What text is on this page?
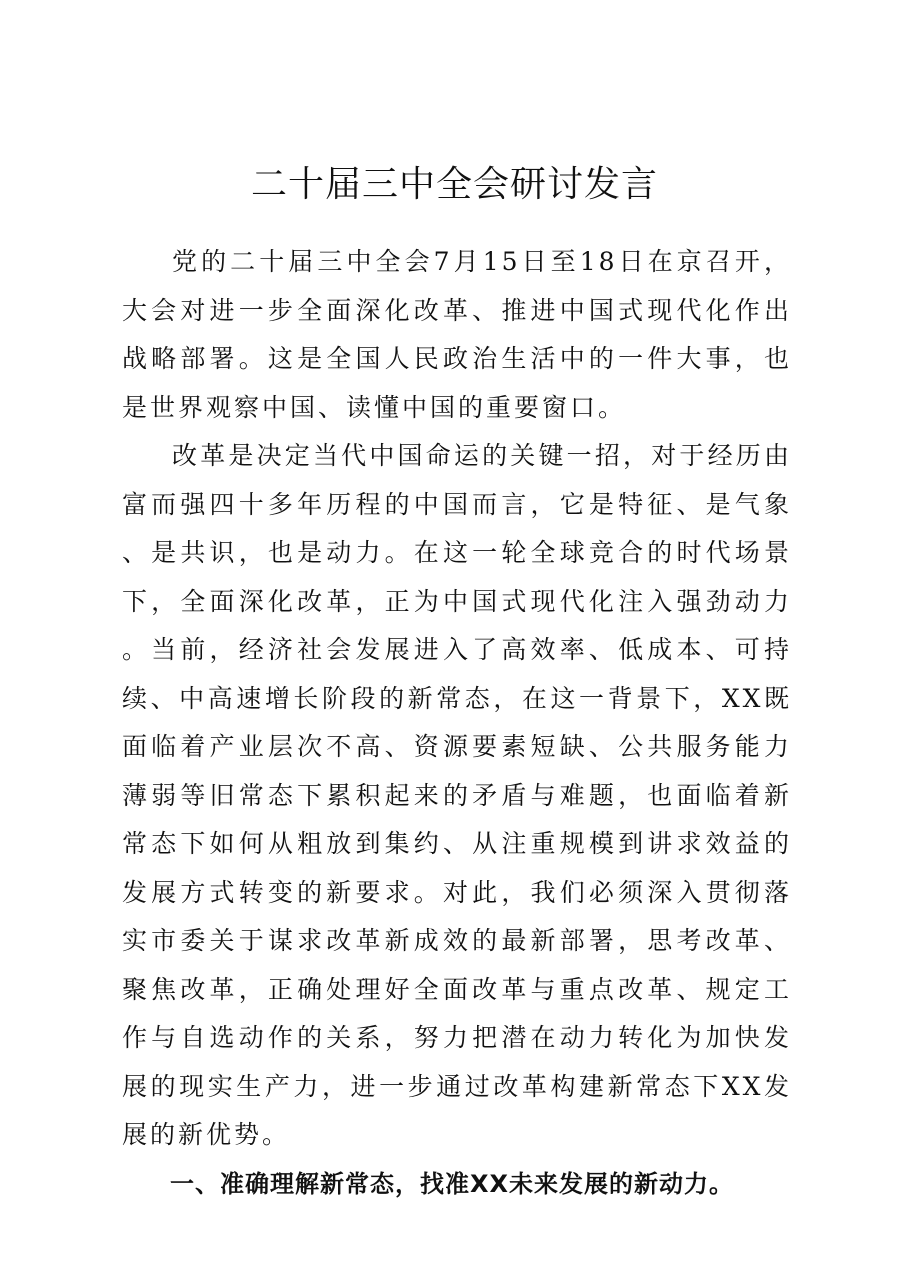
二十届三中全会研讨发言

党的二十届三中全会7月15日至18日在京召开，大会对进一步全面深化改革、推进中国式现代化作出战略部署。这是全国人民政治生活中的一件大事，也是世界观察中国、读懂中国的重要窗口。

改革是决定当代中国命运的关键一招，对于经历由富而强四十多年历程的中国而言，它是特征、是气象、是共识，也是动力。在这一轮全球竞合的时代场景下，全面深化改革，正为中国式现代化注入强劲动力。当前，经济社会发展进入了高效率、低成本、可持续、中高速增长阶段的新常态，在这一背景下，XX既面临着产业层次不高、资源要素短缺、公共服务能力薄弱等旧常态下累积起来的矛盾与难题，也面临着新常态下如何从粗放到集约、从注重规模到讲求效益的发展方式转变的新要求。对此，我们必须深入贯彻落实市委关于谋求改革新成效的最新部署，思考改革、聚焦改革，正确处理好全面改革与重点改革、规定工作与自选动作的关系，努力把潜在动力转化为加快发展的现实生产力，进一步通过改革构建新常态下XX发展的新优势。

一、准确理解新常态，找准XX未来发展的新动力。
